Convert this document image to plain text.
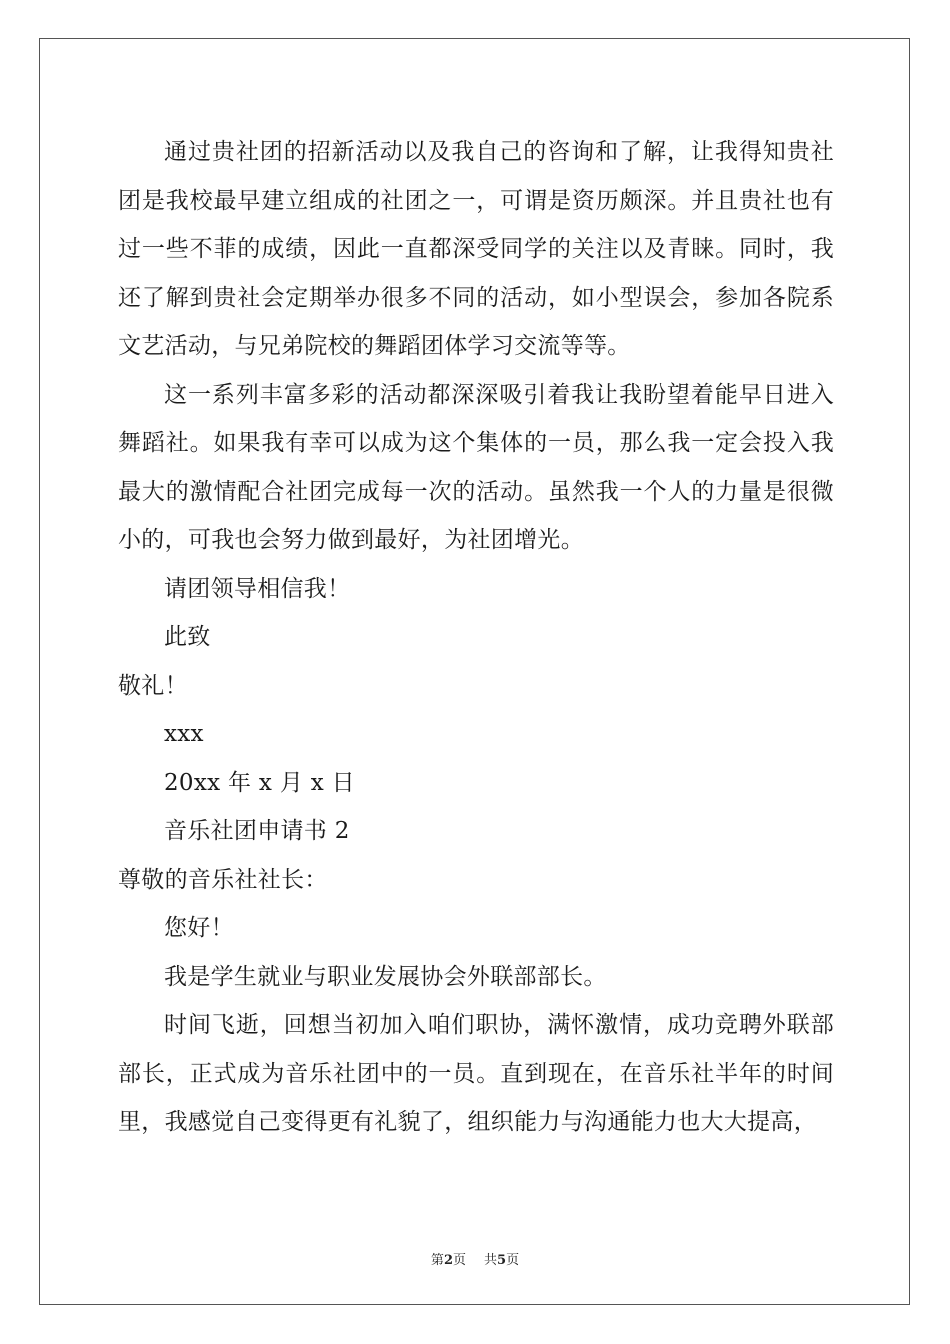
通过贵社团的招新活动以及我自己的咨询和了解，让我得知贵社团是我校最早建立组成的社团之一，可谓是资历颇深。并且贵社也有过一些不菲的成绩，因此一直都深受同学的关注以及青睐。同时，我还了解到贵社会定期举办很多不同的活动，如小型误会，参加各院系文艺活动，与兄弟院校的舞蹈团体学习交流等等。

这一系列丰富多彩的活动都深深吸引着我让我盼望着能早日进入舞蹈社。如果我有幸可以成为这个集体的一员，那么我一定会投入我最大的激情配合社团完成每一次的活动。虽然我一个人的力量是很微小的，可我也会努力做到最好，为社团增光。

请团领导相信我！

此致

敬礼！

xxx

20xx 年 x 月 x 日

音乐社团申请书 2

尊敬的音乐社社长：

您好！

我是学生就业与职业发展协会外联部部长。

时间飞逝，回想当初加入咱们职协，满怀激情，成功竞聘外联部部长，正式成为音乐社团中的一员。直到现在，在音乐社半年的时间里，我感觉自己变得更有礼貌了，组织能力与沟通能力也大大提高，

第2页 共5页
